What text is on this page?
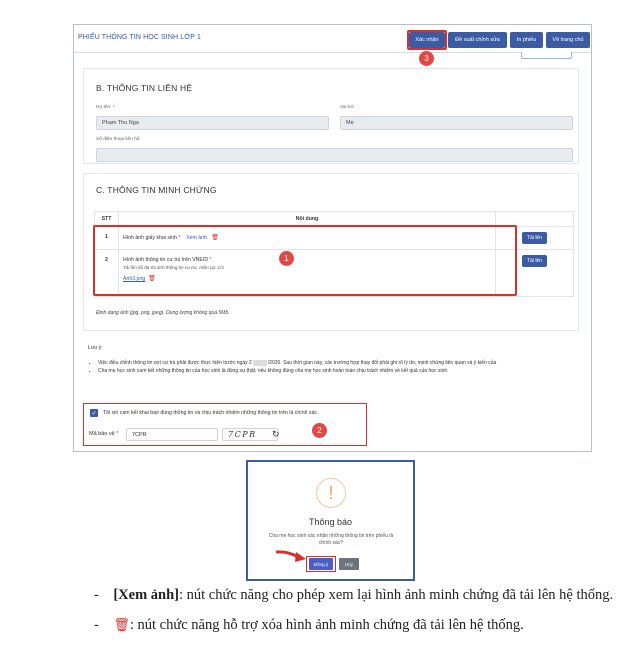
PHIẾU THÔNG TIN HỌC SINH LỚP 1	Xác nhận	Đề xuất chỉnh sửa	In phiếu	Về trang chủ
3
B. THÔNG TIN LIÊN HỆ
Họ tên: *
Phạm Thu Nga
Vai trò:
Mẹ
Số điện thoại liên hệ:
C. THÔNG TIN MINH CHỨNG
STT	Nội dung	
1	Hình ảnh giấy khai sinh * Xem ảnh 🗑	Tải lên
2	Hình ảnh thông tin cư trú trên VNEID *
Tải lên tối đa 03 ảnh thông tin cư trú. Hiện tại: 1/3
Ảnh3.png 🗑	Tải lên
1
Định dạng ảnh (jpg, png, jpeg). Dung lượng không quá 5Mb.
Lưu ý:
• Việc điều chỉnh thông tin nơi cư trú phải được thực hiện trước ngày 2	/2026. Sau thời gian này, các trường hợp thay đổi phải ghi rõ lý do, minh chứng liên quan và ý kiến của
• Cha mẹ học sinh cam kết những thông tin của học sinh là đúng sự thật; nếu không đúng cha mẹ học sinh hoàn toàn chịu trách nhiệm về kết quả của học sinh.
✓ Tôi xin cam kết khai báo đúng thông tin và chịu trách nhiệm những thông tin trên là chính xác.
Mã bảo vệ *	7CPR	7CPR	↻	2
!
Thông báo
Cha mẹ học sinh xác nhận những thông tin trên phiếu là chính xác?
Đồng ý	Hủy
-    [Xem ảnh]: nút chức năng cho phép xem lại hình ảnh minh chứng đã tải lên hệ thống.
-    🗑: nút chức năng hỗ trợ xóa hình ảnh minh chứng đã tải lên hệ thống.
